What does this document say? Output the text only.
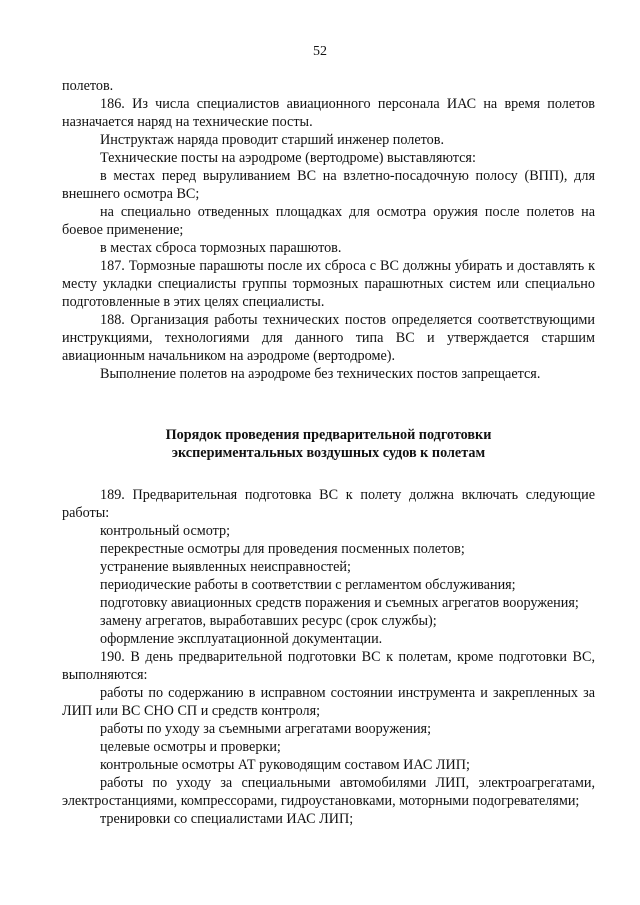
52

полетов.

186. Из числа специалистов авиационного персонала ИАС на время полетов назначается наряд на технические посты.

Инструктаж наряда проводит старший инженер полетов.

Технические посты на аэродроме (вертодроме) выставляются:

в местах перед выруливанием ВС на взлетно-посадочную полосу (ВПП), для внешнего осмотра ВС;

на специально отведенных площадках для осмотра оружия после полетов на боевое применение;

в местах сброса тормозных парашютов.

187. Тормозные парашюты после их сброса с ВС должны убирать и доставлять к месту укладки специалисты группы тормозных парашютных систем или специально подготовленные в этих целях специалисты.

188. Организация работы технических постов определяется соответствующими инструкциями, технологиями для данного типа ВС и утверждается старшим авиационным начальником на аэродроме (вертодроме).

Выполнение полетов на аэродроме без технических постов запрещается.

Порядок проведения предварительной подготовки
экспериментальных воздушных судов к полетам

189. Предварительная подготовка ВС к полету должна включать следующие работы:

контрольный осмотр;

перекрестные осмотры для проведения посменных полетов;

устранение выявленных неисправностей;

периодические работы в соответствии с регламентом обслуживания;

подготовку авиационных средств поражения и съемных агрегатов вооружения;

замену агрегатов, выработавших ресурс (срок службы);

оформление эксплуатационной документации.

190. В день предварительной подготовки ВС к полетам, кроме подготовки ВС, выполняются:

работы по содержанию в исправном состоянии инструмента и закрепленных за ЛИП или ВС СНО СП и средств контроля;

работы по уходу за съемными агрегатами вооружения;

целевые осмотры и проверки;

контрольные осмотры АТ руководящим составом ИАС ЛИП;

работы по уходу за специальными автомобилями ЛИП, электроагрегатами, электростанциями, компрессорами, гидроустановками, моторными подогревателями;

тренировки со специалистами ИАС ЛИП;
